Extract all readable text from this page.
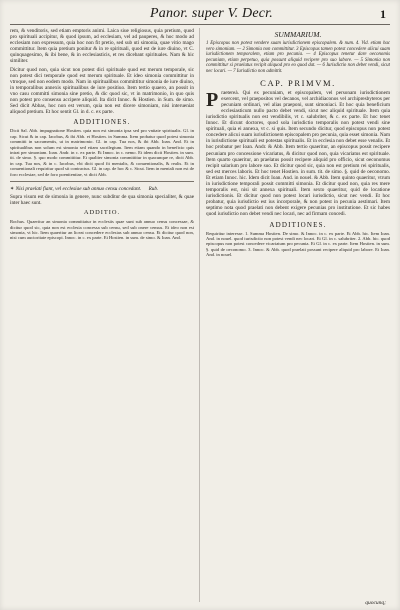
Panor. super V. Decr.	1
rem, & venditoris, sed etiam emptoris animi. Laica siue religiosus, quia pretium, quod pro spirituali accipitur, & quod ipsum, ad ecclesiam, vel ad pauperes, & hoc modo ad ecclesiam non expressum, quia hoc non fit pretio, sed sub uti simonia, quae vitio mago committitur. Item quia pretium ponitur & in re spirituali, quod est de iure diuino, vt C. quinquagesimo, & ibi bene, & in ecclesiasticis, et res dicebant spirituales. Nam & hic similiter.
Dicitur quod non, quia sicut non potest dici spirituale quod est merum temporale, sic non potest dici temporale quod est merum spirituale. Et ideo simonia committitur in vtroque, sed non eodem modo. Nam in spiritualibus committitur simonia de iure diuino, in temporalibus annexis spiritualibus de iure positiuo. Item tertio quaero, an possit in vno casu committi simonia sine pretio, & dic quod sic, vt in matrimonio, in quo quis non potest pro consensu accipere aliquid. Ita dicit Innoc. & Hostien. in Sum. de simo. Sed dicit Abbas, hoc non est verum, quia non est dicere simoniam, nisi interueniat aliquod pretium. Et hoc sentit Gl. in d. c. ex parte.
ADDITIONES.
Dicit Sal. Abb. impugnatione Hostien. quia non est simonia ipsa sed pro vnitate spiritualis. Gl. in cap. Sicut & in cap. Iacobus, & ibi Abb. et Hostien. in Summa. Item probatur quod potest simonia committi in sacramentis, ut in matrimonio. Gl. in cap. Tua nos, & ibi Abb. Ioan. And. Et in spiritualibus non solum est simonia sed etiam sacrilegium. Item etiam quando in beneficio quis intrat per simoniam. Ioan. Andr. in c. ex parte. Et Innoc. in c. nemo. Et idem dicit Hostien. in sum. tit. de simo. §. quo modo committitur. Et qualiter simonia committitur in quacunque re, dicit Abb. in cap. Tua nos, & in c. Iacobus, vbi dicit quod fit mentalis, & conuentionalis, & realis. Et in conuentionali requiritur quod sit contractus. Gl. in cap. de hoc & c. Sicut. Item in mentali non est de foro ecclesiae, sed de foro poenitentiae, vt dicit Abb.
✶ Nisi praelati fiant, vel ecclesiae sub annuo censu concedant. Rub.
Supra visum est de simonia in genere, nunc subditur de qua simonia specialiter, & quae inter haec sunt.
ADDITIO.
Rochus. Quaeritur an simonia committatur in ecclesiis quae sunt sub annuo censu concessae, & dicitur quod sic, quia non est ecclesia concessa sub censu, sed sub onere census. Et ideo non est simonia, vt hic. Item quaeritur an liceat concedere ecclesias sub annuo censu. Et dicitur quod non, nisi cum auctoritate episcopi. Innoc. in c. ex parte. Et Hostien. in sum. de simo. & Ioan. And.
SUMMARIUM.
1 Episcopus non potest vendere suam iurisdictionem episcopalem. & num. 4. Vid. etiam hac vero simoniam. — 2 Simonia non committitur. 3 Episcopus tamen potest concedere alicui suam iurisdictionem temporalem, etiam pro pecunia. — 4 Episcopus tenetur dare oeconomis pecuniam, etiam perpetuo, quia possunt aliquid recipere pro suo labore. — 5 Simonia non committitur si praelatus recipit aliquod pro eo quod dat. — 6 Iurisdictio non debet vendi, sicut nec locari. — 7 Iurisdictio non admittit.
CAP. PRIMVM.
P raetereà. Qui ex pecuniam, et episcopalem, vel personam iurisdictionem exercent, vel praepositos vel decanos, vel archidiaconos vel archipresbyteros per pecuniam ordinari, vel alias praeponi, sunt simoniaci. Et hoc quia beneficium ecclesiasticum nullo pacto debet vendi, sicut nec aliquid spirituale. Item quia iurisdictio spiritualis non est vendibilis, vt c. salubriter, & c. ex parte. Et hoc tenet Innoc. Et dicunt doctores, quod sola iurisdictio temporalis non potest vendi sine spirituali, quia ei annexa, vt c. si quis. Item secundo dicitur, quod episcopus non potest concedere alicui suam iurisdictionem episcopalem pro pecunia, quia esset simonia. Nam in iurisdictione spirituali est potestas spiritualis. Et in ecclesia non debet esse venalis. Et hoc probatur per Ioan. Andr. & Abb. Item tertio quaeritur, an episcopus possit recipere pecuniam pro concessione vicariatus, & dicitur quod non, quia vicariatus est spirituale. Item quarto quaeritur, an praelatus possit recipere aliquid pro officio, sicut oeconomus recipit salarium pro labore suo. Et dicitur quod sic, quia non est pretium rei spiritualis, sed est merces laboris. Et hoc tenet Hostien. in sum. tit. de simo. §. quid de oeconomo. Et etiam Innoc. hic. Idem dicit Ioan. And. in nouel. & Abb. Item quinto quaeritur, vtrum in iurisdictione temporali possit committi simonia. Et dicitur quod non, quia res mere temporalis est, nisi sit annexa spirituali. Item sexto quaeritur, quid de locatione iurisdictionis. Et dicitur quod non potest locari iurisdictio, sicut nec vendi. Et hoc probatur, quia iurisdictio est ius incorporale, & non potest in pecunia aestimari. Item septimo nota quod praelati non debent exigere pecunias pro institutione. Et sic habes quod iurisdictio non debet vendi nec locari, nec ad firmam concedi.
ADDITIONES.
Requiritur interesse. 1. Summa Hostien. De simo. & Innoc. in c. ex parte. Et Abb. hic. Item Ioan. And. in nouel. quod iurisdictio non potest vendi nec locari. Et Gl. in c. salubriter. 2. Abb. hic. quod episcopus non potest concedere vicariatum pro pecunia. Et Gl. in c. ex parte. Item Hostien. in sum. §. quid de oeconomo. 3. Innoc. & Abb. quod praelati possunt recipere aliquid pro labore. Et Ioan. And. in nouel.
quocunq;
